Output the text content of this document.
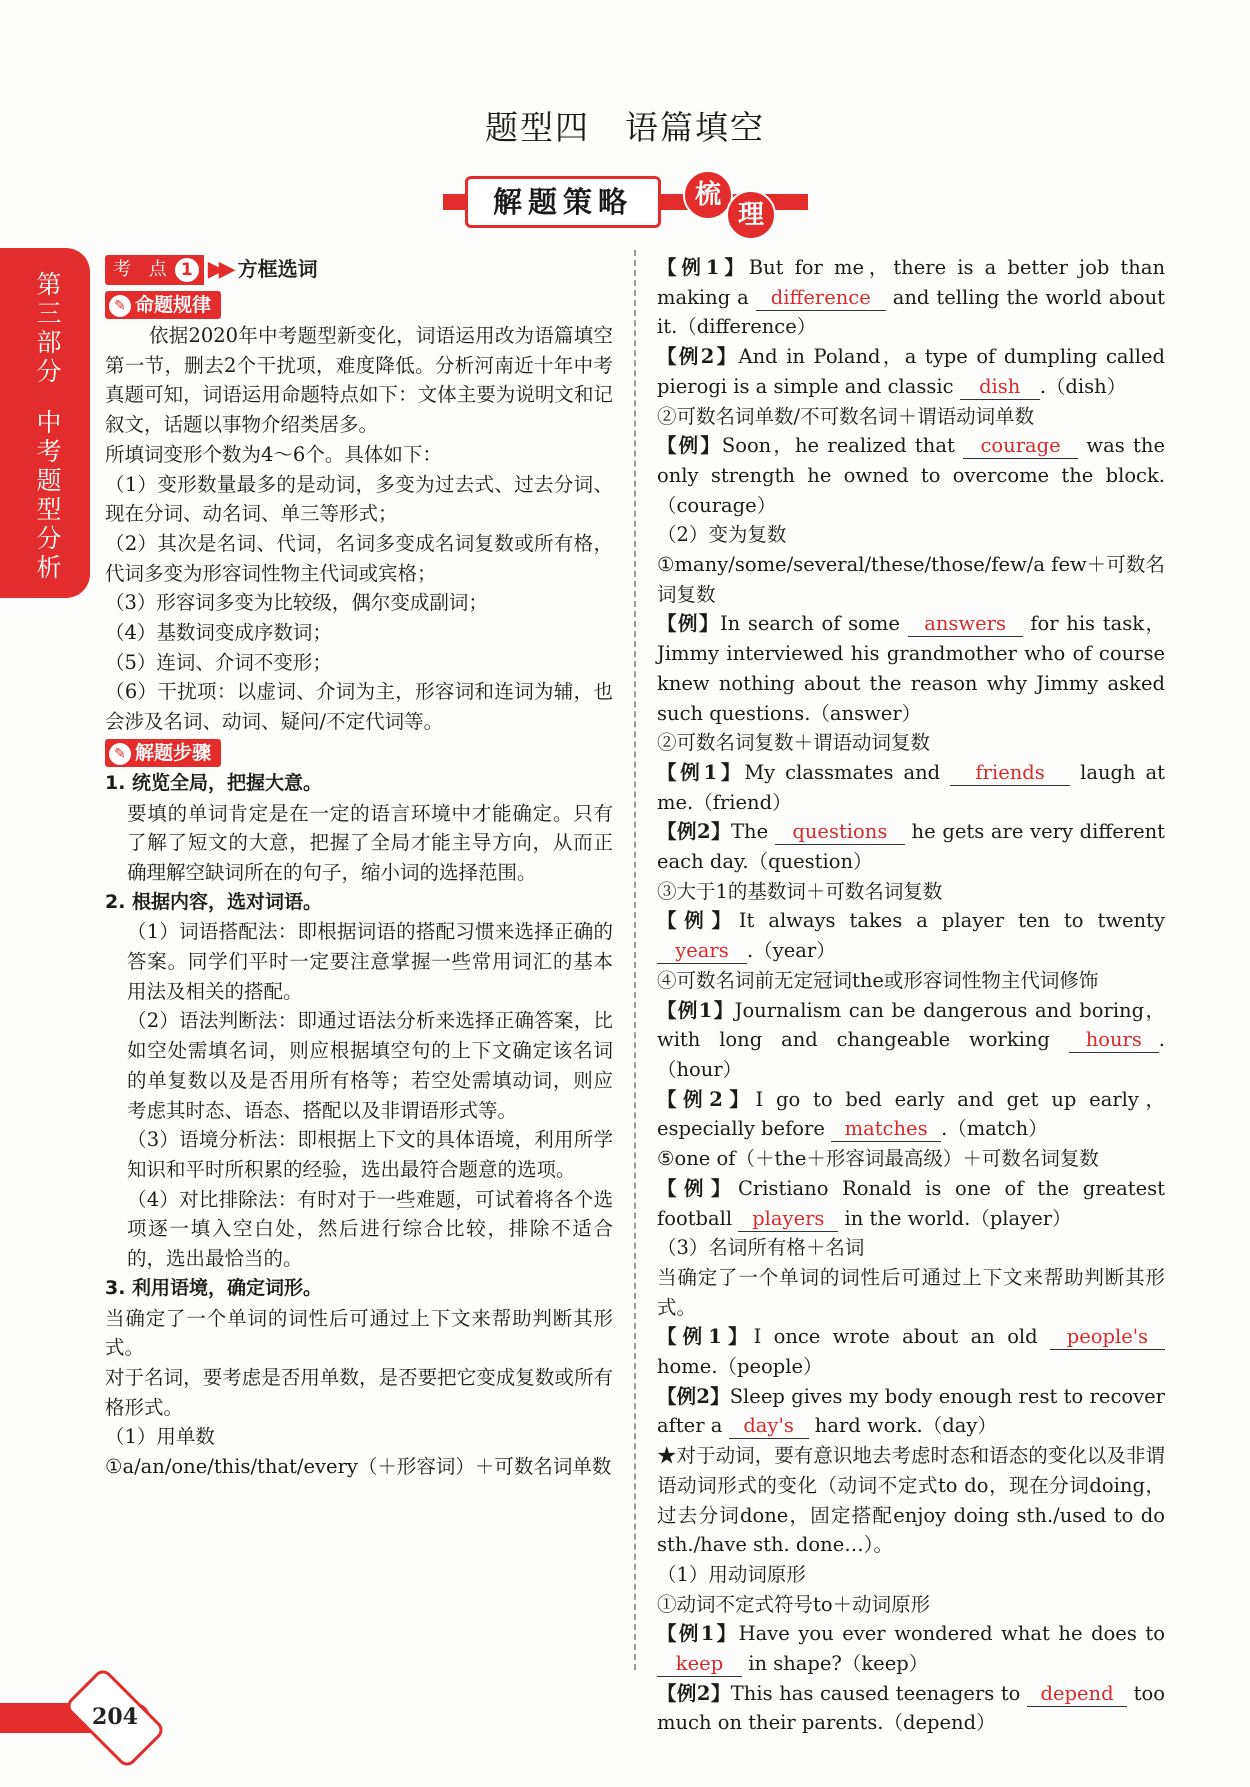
题型四　语篇填空
解题策略	梳
理
第
三
部
分
中
考
题
型
分
析
考 点 1 ▶▶ 方框选词
✎ 命题规律

依据2020年中考题型新变化，词语运用改为语篇填空第一节，删去2个干扰项，难度降低。分析河南近十年中考真题可知，词语运用命题特点如下：文体主要为说明文和记叙文，话题以事物介绍类居多。

所填词变形个数为4～6个。具体如下：

（1）变形数量最多的是动词，多变为过去式、过去分词、现在分词、动名词、单三等形式；

（2）其次是名词、代词，名词多变成名词复数或所有格，代词多变为形容词性物主代词或宾格；

（3）形容词多变为比较级，偶尔变成副词；

（4）基数词变成序数词；

（5）连词、介词不变形；

（6）干扰项：以虚词、介词为主，形容词和连词为辅，也会涉及名词、动词、疑问/不定代词等。

✎ 解题步骤

1. 统览全局，把握大意。

要填的单词肯定是在一定的语言环境中才能确定。只有了解了短文的大意，把握了全局才能主导方向，从而正确理解空缺词所在的句子，缩小词的选择范围。

2. 根据内容，选对词语。

（1）词语搭配法：即根据词语的搭配习惯来选择正确的答案。同学们平时一定要注意掌握一些常用词汇的基本用法及相关的搭配。

（2）语法判断法：即通过语法分析来选择正确答案，比如空处需填名词，则应根据填空句的上下文确定该名词的单复数以及是否用所有格等；若空处需填动词，则应考虑其时态、语态、搭配以及非谓语形式等。

（3）语境分析法：即根据上下文的具体语境，利用所学知识和平时所积累的经验，选出最符合题意的选项。

（4）对比排除法：有时对于一些难题，可试着将各个选项逐一填入空白处，然后进行综合比较，排除不适合的，选出最恰当的。

3. 利用语境，确定词形。

当确定了一个单词的词性后可通过上下文来帮助判断其形式。

对于名词，要考虑是否用单数，是否要把它变成复数或所有格形式。

（1）用单数

①a/an/one/this/that/every（＋形容词）＋可数名词单数

【例1】But for me，there is a better job than making a difference and telling the world about it.（difference）

【例2】And in Poland，a type of dumpling called pierogi is a simple and classic dish .（dish）

②可数名词单数/不可数名词＋谓语动词单数

【例】Soon，he realized that courage was the only strength he owned to overcome the block.（courage）

（2）变为复数

①many/some/several/these/those/few/a few＋可数名词复数

【例】In search of some answers for his task，Jimmy interviewed his grandmother who of course knew nothing about the reason why Jimmy asked such questions.（answer）

②可数名词复数＋谓语动词复数

【例1】My classmates and friends laugh at me.（friend）

【例2】The questions he gets are very different each day.（question）

③大于1的基数词＋可数名词复数

【例】It always takes a player ten to twenty years .（year）

④可数名词前无定冠词the或形容词性物主代词修饰

【例1】Journalism can be dangerous and boring，with long and changeable working hours .（hour）

【例2】I go to bed early and get up early，especially before matches .（match）

⑤one of（＋the＋形容词最高级）＋可数名词复数

【例】Cristiano Ronald is one of the greatest football players in the world.（player）

（3）名词所有格＋名词

当确定了一个单词的词性后可通过上下文来帮助判断其形式。

【例1】I once wrote about an old people's home.（people）

【例2】Sleep gives my body enough rest to recover after a day's hard work.（day）

★对于动词，要有意识地去考虑时态和语态的变化以及非谓语动词形式的变化（动词不定式to do，现在分词doing，过去分词done，固定搭配enjoy doing sth./used to do sth./have sth. done…）。

（1）用动词原形

①动词不定式符号to＋动词原形

【例1】Have you ever wondered what he does to keep in shape?（keep）

【例2】This has caused teenagers to depend too much on their parents.（depend）

204
